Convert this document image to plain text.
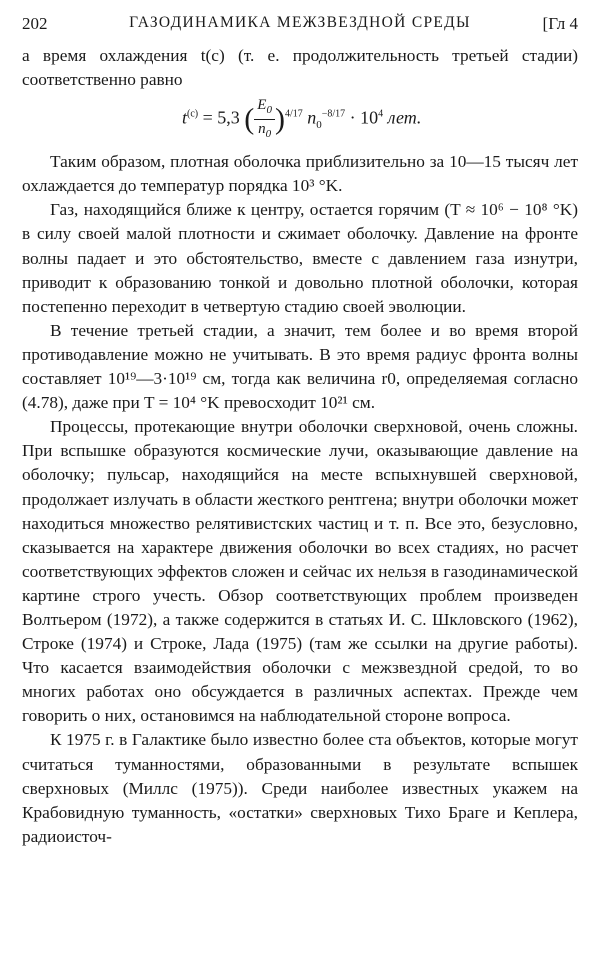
202	ГАЗОДИНАМИКА МЕЖЗВЕЗДНОЙ СРЕДЫ	[Гл 4

а время охлаждения t(c) (т. е. продолжительность третьей стадии) соответственно равно

$t^{(c)} = 5,3$ ( $\frac{E_0}{n_0} )^{4/17}$ $n_0^{-8/17} \cdot 10^4$ лет.

Таким образом, плотная оболочка приблизительно за 10—15 тысяч лет охлаждается до температур порядка 10³ °K.

Газ, находящийся ближе к центру, остается горячим (T ≈ 10⁶ − 10⁸ °K) в силу своей малой плотности и сжимает оболочку. Давление на фронте волны падает и это обстоятельство, вместе с давлением газа изнутри, приводит к образованию тонкой и довольно плотной оболочки, которая постепенно переходит в четвертую стадию своей эволюции.

В течение третьей стадии, а значит, тем более и во время второй противодавление можно не учитывать. В это время радиус фронта волны составляет 10¹⁹—3·10¹⁹ см, тогда как величина r0, определяемая согласно (4.78), даже при T = 10⁴ °K превосходит 10²¹ см.

Процессы, протекающие внутри оболочки сверхновой, очень сложны. При вспышке образуются космические лучи, оказывающие давление на оболочку; пульсар, находящийся на месте вспыхнувшей сверхновой, продолжает излучать в области жесткого рентгена; внутри оболочки может находиться множество релятивистских частиц и т. п. Все это, безусловно, сказывается на характере движения оболочки во всех стадиях, но расчет соответствующих эффектов сложен и сейчас их нельзя в газодинамической картине строго учесть. Обзор соответствующих проблем произведен Волтьером (1972), а также содержится в статьях И. С. Шкловского (1962), Строке (1974) и Строке, Лада (1975) (там же ссылки на другие работы). Что касается взаимодействия оболочки с межзвездной средой, то во многих работах оно обсуждается в различных аспектах. Прежде чем говорить о них, остановимся на наблюдательной стороне вопроса.

К 1975 г. в Галактике было известно более ста объектов, которые могут считаться туманностями, образованными в результате вспышек сверхновых (Миллс (1975)). Среди наиболее известных укажем на Крабовидную туманность, «остатки» сверхновых Тихо Браге и Кеплера, радиоисточ-
